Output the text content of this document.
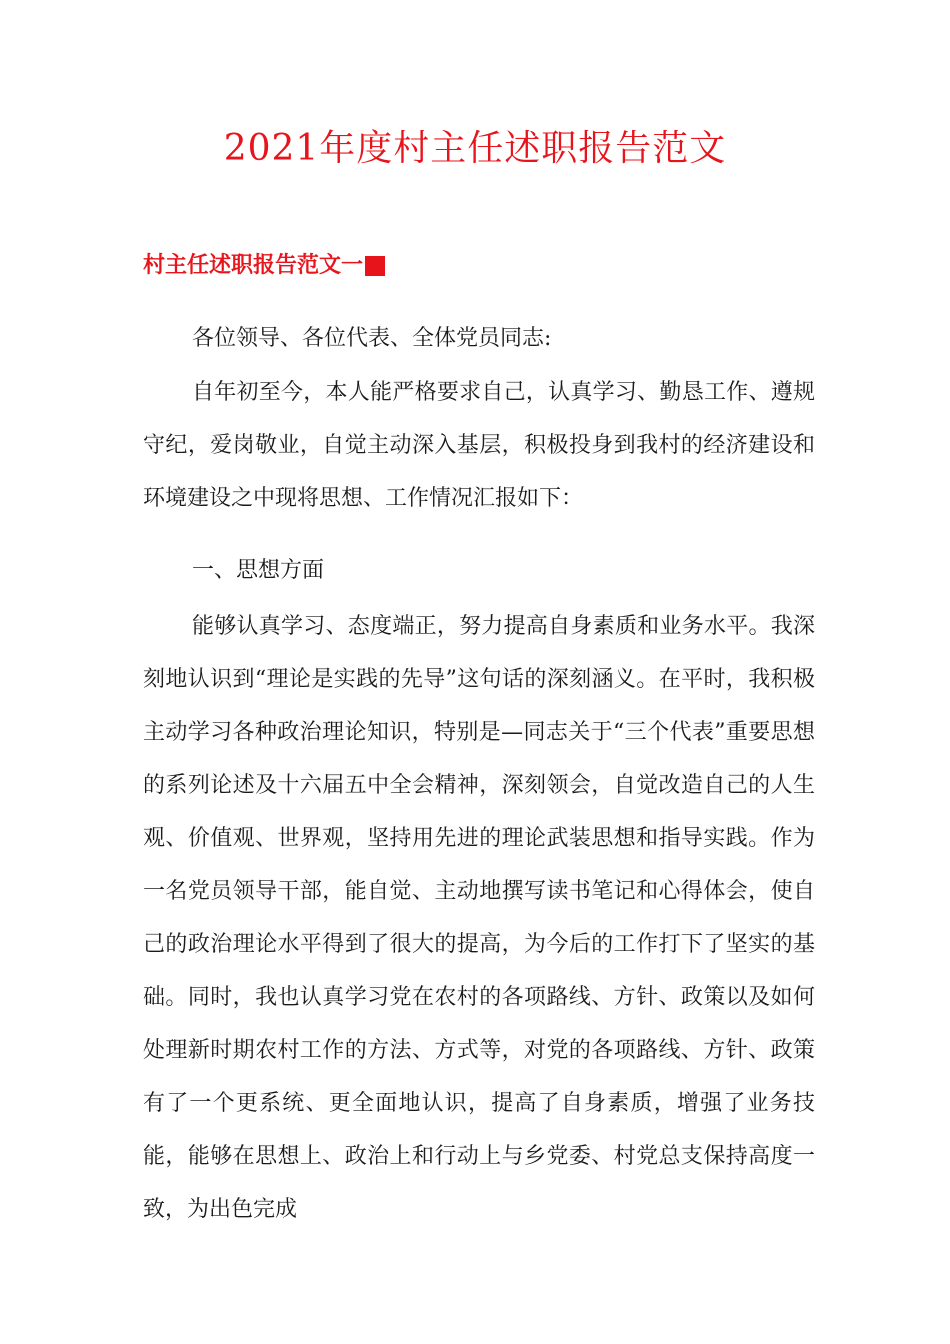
2021年度村主任述职报告范文
村主任述职报告范文一

各位领导、各位代表、全体党员同志:

自年初至今，本人能严格要求自己，认真学习、勤恳工作、遵规守纪，爱岗敬业，自觉主动深入基层，积极投身到我村的经济建设和环境建设之中现将思想、工作情况汇报如下：

一、思想方面

能够认真学习、态度端正，努力提高自身素质和业务水平。我深刻地认识到“理论是实践的先导”这句话的深刻涵义。在平时，我积极主动学习各种政治理论知识，特别是—同志关于“三个代表”重要思想的系列论述及十六届五中全会精神，深刻领会，自觉改造自己的人生观、价值观、世界观，坚持用先进的理论武装思想和指导实践。作为一名党员领导干部，能自觉、主动地撰写读书笔记和心得体会，使自己的政治理论水平得到了很大的提高，为今后的工作打下了坚实的基础。同时，我也认真学习党在农村的各项路线、方针、政策以及如何处理新时期农村工作的方法、方式等，对党的各项路线、方针、政策有了一个更系统、更全面地认识，提高了自身素质，增强了业务技能，能够在思想上、政治上和行动上与乡党委、村党总支保持高度一致，为出色完成
